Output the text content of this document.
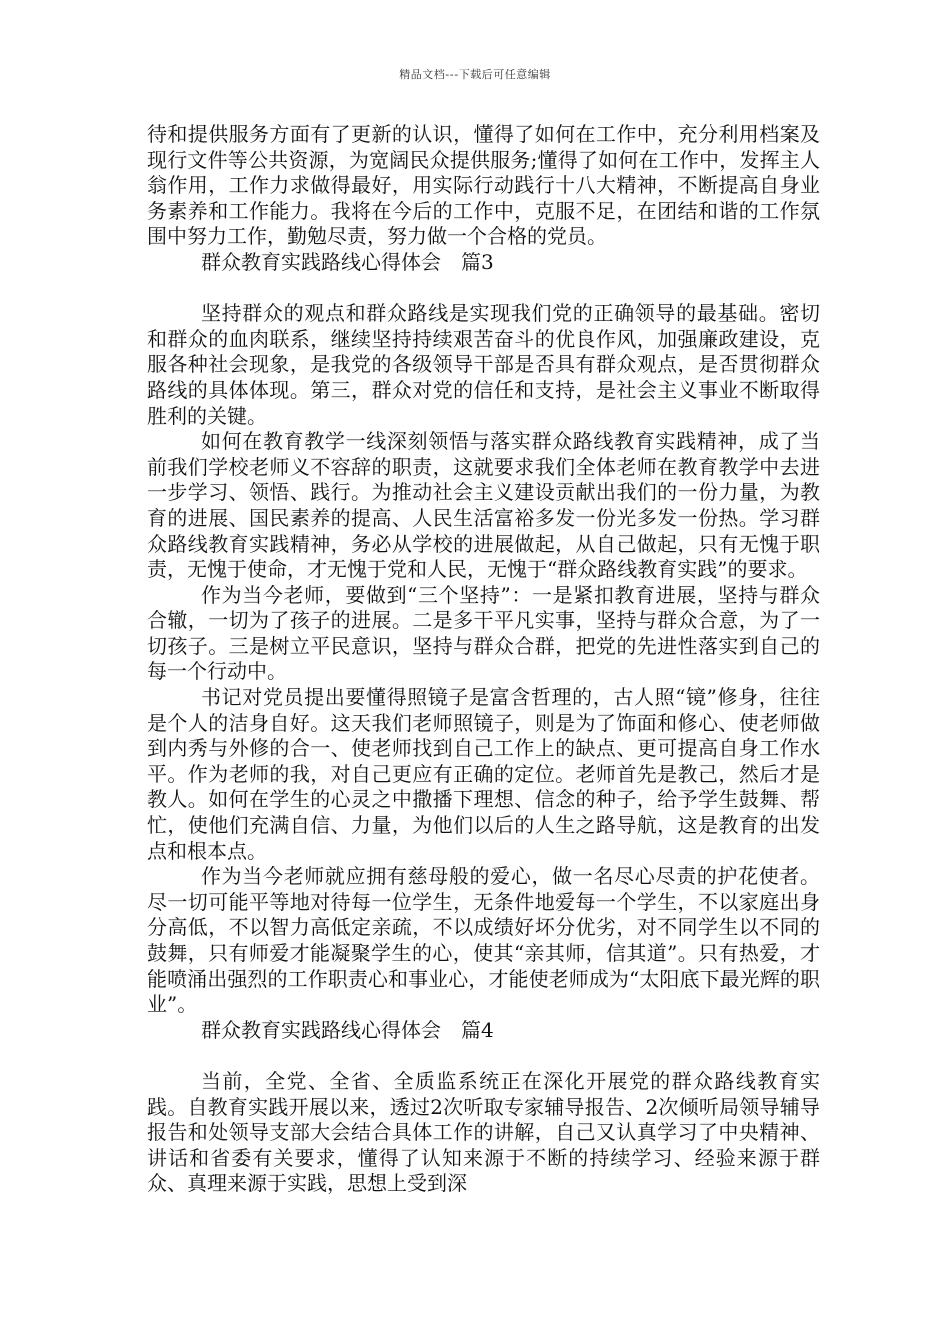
精品文档---下载后可任意编辑

待和提供服务方面有了更新的认识，懂得了如何在工作中，充分利用档案及现行文件等公共资源，为宽阔民众提供服务;懂得了如何在工作中，发挥主人翁作用，工作力求做得最好，用实际行动践行十八大精神，不断提高自身业务素养和工作能力。我将在今后的工作中，克服不足，在团结和谐的工作氛围中努力工作，勤勉尽责，努力做一个合格的党员。

群众教育实践路线心得体会　篇3

坚持群众的观点和群众路线是实现我们党的正确领导的最基础。密切和群众的血肉联系，继续坚持持续艰苦奋斗的优良作风，加强廉政建设，克服各种社会现象，是我党的各级领导干部是否具有群众观点，是否贯彻群众路线的具体体现。第三，群众对党的信任和支持，是社会主义事业不断取得胜利的关键。

如何在教育教学一线深刻领悟与落实群众路线教育实践精神，成了当前我们学校老师义不容辞的职责，这就要求我们全体老师在教育教学中去进一步学习、领悟、践行。为推动社会主义建设贡献出我们的一份力量，为教育的进展、国民素养的提高、人民生活富裕多发一份光多发一份热。学习群众路线教育实践精神，务必从学校的进展做起，从自己做起，只有无愧于职责，无愧于使命，才无愧于党和人民，无愧于“群众路线教育实践”的要求。

作为当今老师，要做到“三个坚持”：一是紧扣教育进展，坚持与群众合辙，一切为了孩子的进展。二是多干平凡实事，坚持与群众合意，为了一切孩子。三是树立平民意识，坚持与群众合群，把党的先进性落实到自己的每一个行动中。

书记对党员提出要懂得照镜子是富含哲理的，古人照“镜”修身，往往是个人的洁身自好。这天我们老师照镜子，则是为了饰面和修心、使老师做到内秀与外修的合一、使老师找到自己工作上的缺点、更可提高自身工作水平。作为老师的我，对自己更应有正确的定位。老师首先是教己，然后才是教人。如何在学生的心灵之中撒播下理想、信念的种子，给予学生鼓舞、帮忙，使他们充满自信、力量，为他们以后的人生之路导航，这是教育的出发点和根本点。

作为当今老师就应拥有慈母般的爱心，做一名尽心尽责的护花使者。尽一切可能平等地对待每一位学生，无条件地爱每一个学生，不以家庭出身分高低，不以智力高低定亲疏，不以成绩好坏分优劣，对不同学生以不同的鼓舞，只有师爱才能凝聚学生的心，使其“亲其师，信其道”。只有热爱，才能喷涌出强烈的工作职责心和事业心，才能使老师成为“太阳底下最光辉的职业”。

群众教育实践路线心得体会　篇4

当前，全党、全省、全质监系统正在深化开展党的群众路线教育实践。自教育实践开展以来，透过2次听取专家辅导报告、2次倾听局领导辅导报告和处领导支部大会结合具体工作的讲解，自己又认真学习了中央精神、讲话和省委有关要求，懂得了认知来源于不断的持续学习、经验来源于群众、真理来源于实践，思想上受到深
